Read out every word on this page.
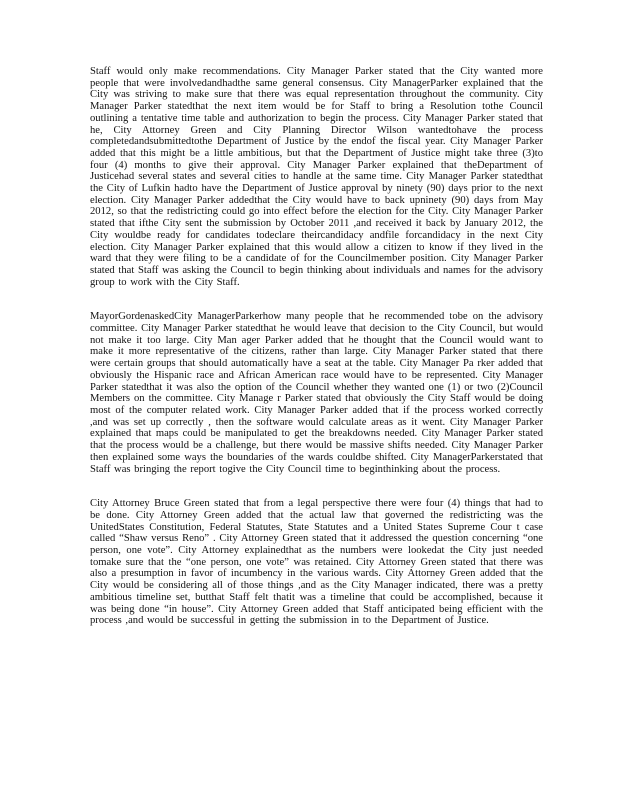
Staff would only make recommendations. City Manager Parker stated that the City wanted more people that were involvedandhadthe same general consensus. City ManagerParker explained that the City was striving to make sure that there was equal representation throughout the community. City Manager Parker statedthat the next item would be for Staff to bring a Resolution tothe Council outlining a tentative time table and authorization to begin the process. City Manager Parker stated that he, City Attorney Green and City Planning Director Wilson wantedtohave the process completedandsubmittedtothe Department of Justice by the endof the fiscal year. City Manager Parker added that this might be a little ambitious, but that the Department of Justice might take three (3)to four (4) months to give their approval. City Manager Parker explained that theDepartment of Justicehad several states and several cities to handle at the same time. City Manager Parker statedthat the City of Lufkin hadto have the Department of Justice approval by ninety (90) days prior to the next election. City Manager Parker addedthat the City would have to back upninety (90) days from May 2012, so that the redistricting could go into effect before the election for the City. City Manager Parker stated that ifthe City sent the submission by October 2011 ,and received it back by January 2012, the City wouldbe ready for candidates todeclare theircandidacy andfile forcandidacy in the next City election. City Manager Parker explained that this would allow a citizen to know if they lived in the ward that they were filing to be a candidate of for the Councilmember position. City Manager Parker stated that Staff was asking the Council to begin thinking about individuals and names for the advisory group to work with the City Staff.

MayorGordenaskedCity ManagerParkerhow many people that he recommended tobe on the advisory committee. City Manager Parker statedthat he would leave that decision to the City Council, but would not make it too large. City Man ager Parker added that he thought that the Council would want to make it more representative of the citizens, rather than large. City Manager Parker stated that there were certain groups that should automatically have a seat at the table. City Manager Pa rker added that obviously the Hispanic race and African American race would have to be represented. City Manager Parker statedthat it was also the option of the Council whether they wanted one (1) or two (2)Council Members on the committee. City Manage r Parker stated that obviously the City Staff would be doing most of the computer related work. City Manager Parker added that if the process worked correctly ,and was set up correctly , then the software would calculate areas as it went. City Manager Parker explained that maps could be manipulated to get the breakdowns needed. City Manager Parker stated that the process would be a challenge, but there would be massive shifts needed. City Manager Parker then explained some ways the boundaries of the wards couldbe shifted. City ManagerParkerstated that Staff was bringing the report togive the City Council time to beginthinking about the process.

City Attorney Bruce Green stated that from a legal perspective there were four (4) things that had to be done. City Attorney Green added that the actual law that governed the redistricting was the UnitedStates Constitution, Federal Statutes, State Statutes and a United States Supreme Cour t case called “Shaw versus Reno” . City Attorney Green stated that it addressed the question concerning “one person, one vote”. City Attorney explainedthat as the numbers were lookedat the City just needed tomake sure that the “one person, one vote” was retained. City Attorney Green stated that there was also a presumption in favor of incumbency in the various wards. City Attorney Green added that the City would be considering all of those things ,and as the City Manager indicated, there was a pretty ambitious timeline set, butthat Staff felt thatit was a timeline that could be accomplished, because it was being done “in house”. City Attorney Green added that Staff anticipated being efficient with the process ,and would be successful in getting the submission in to the Department of Justice.
